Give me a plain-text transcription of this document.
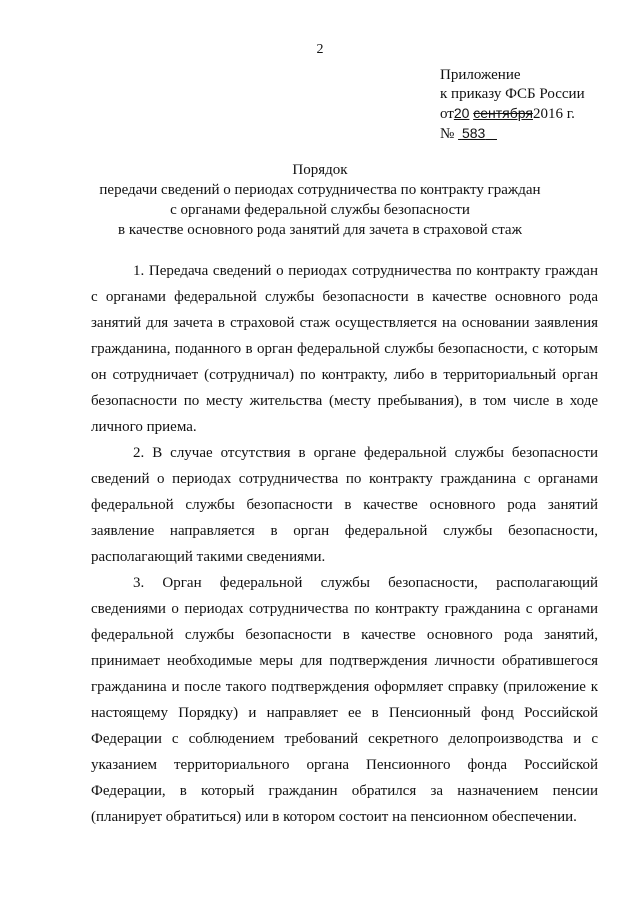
2
Приложение
к приказу ФСБ России
от20 сентября2016 г.
№ 583
Порядок
передачи сведений о периодах сотрудничества по контракту граждан
с органами федеральной службы безопасности
в качестве основного рода занятий для зачета в страховой стаж

1. Передача сведений о периодах сотрудничества по контракту граждан с органами федеральной службы безопасности в качестве основного рода занятий для зачета в страховой стаж осуществляется на основании заявления гражданина, поданного в орган федеральной службы безопасности, с которым он сотрудничает (сотрудничал) по контракту, либо в территориальный орган безопасности по месту жительства (месту пребывания), в том числе в ходе личного приема.

2. В случае отсутствия в органе федеральной службы безопасности сведений о периодах сотрудничества по контракту гражданина с органами федеральной службы безопасности в качестве основного рода занятий заявление направляется в орган федеральной службы безопасности, располагающий такими сведениями.

3. Орган федеральной службы безопасности, располагающий сведениями о периодах сотрудничества по контракту гражданина с органами федеральной службы безопасности в качестве основного рода занятий, принимает необходимые меры для подтверждения личности обратившегося гражданина и после такого подтверждения оформляет справку (приложение к настоящему Порядку) и направляет ее в Пенсионный фонд Российской Федерации с соблюдением требований секретного делопроизводства и с указанием территориального органа Пенсионного фонда Российской Федерации, в который гражданин обратился за назначением пенсии (планирует обратиться) или в котором состоит на пенсионном обеспечении.
